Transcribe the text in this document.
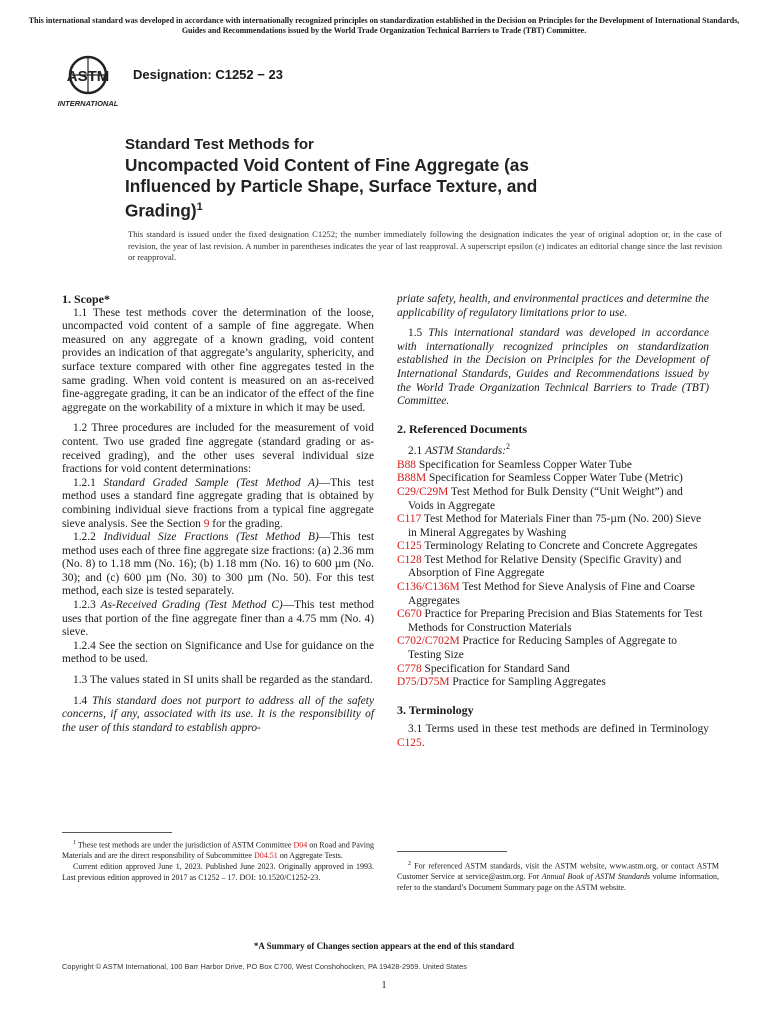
This international standard was developed in accordance with internationally recognized principles on standardization established in the Decision on Principles for the Development of International Standards, Guides and Recommendations issued by the World Trade Organization Technical Barriers to Trade (TBT) Committee.
ASTM
INTERNATIONAL
Designation: C1252 − 23
Standard Test Methods for
Uncompacted Void Content of Fine Aggregate (as
Influenced by Particle Shape, Surface Texture, and
Grading)$^1$
This standard is issued under the fixed designation C1252; the number immediately following the designation indicates the year of original adoption or, in the case of revision, the year of last revision. A number in parentheses indicates the year of last reapproval. A superscript epsilon (ε) indicates an editorial change since the last revision or reapproval.

1. Scope*

1.1 These test methods cover the determination of the loose, uncompacted void content of a sample of fine aggregate. When measured on any aggregate of a known grading, void content provides an indication of that aggregate’s angularity, sphericity, and surface texture compared with other fine aggregates tested in the same grading. When void content is measured on an as-received fine-aggregate grading, it can be an indicator of the effect of the fine aggregate on the workability of a mixture in which it may be used.

1.2 Three procedures are included for the measurement of void content. Two use graded fine aggregate (standard grading or as-received grading), and the other uses several individual size fractions for void content determinations:

1.2.1 Standard Graded Sample (Test Method A)—This test method uses a standard fine aggregate grading that is obtained by combining individual sieve fractions from a typical fine aggregate sieve analysis. See the Section 9 for the grading.

1.2.2 Individual Size Fractions (Test Method B)—This test method uses each of three fine aggregate size fractions: (a) 2.36 mm (No. 8) to 1.18 mm (No. 16); (b) 1.18 mm (No. 16) to 600 µm (No. 30); and (c) 600 µm (No. 30) to 300 µm (No. 50). For this test method, each size is tested separately.

1.2.3 As-Received Grading (Test Method C)—This test method uses that portion of the fine aggregate finer than a 4.75 mm (No. 4) sieve.

1.2.4 See the section on Significance and Use for guidance on the method to be used.

1.3 The values stated in SI units shall be regarded as the standard.

1.4 This standard does not purport to address all of the safety concerns, if any, associated with its use. It is the responsibility of the user of this standard to establish appro-

priate safety, health, and environmental practices and determine the applicability of regulatory limitations prior to use.

1.5 This international standard was developed in accordance with internationally recognized principles on standardization established in the Decision on Principles for the Development of International Standards, Guides and Recommendations issued by the World Trade Organization Technical Barriers to Trade (TBT) Committee.

2. Referenced Documents

2.1 ASTM Standards:$^2$

B88 Specification for Seamless Copper Water Tube

B88M Specification for Seamless Copper Water Tube (Metric)

C29/C29M Test Method for Bulk Density (“Unit Weight”) and Voids in Aggregate

C117 Test Method for Materials Finer than 75-µm (No. 200) Sieve in Mineral Aggregates by Washing

C125 Terminology Relating to Concrete and Concrete Aggregates

C128 Test Method for Relative Density (Specific Gravity) and Absorption of Fine Aggregate

C136/C136M Test Method for Sieve Analysis of Fine and Coarse Aggregates

C670 Practice for Preparing Precision and Bias Statements for Test Methods for Construction Materials

C702/C702M Practice for Reducing Samples of Aggregate to Testing Size

C778 Specification for Standard Sand

D75/D75M Practice for Sampling Aggregates

3. Terminology

3.1 Terms used in these test methods are defined in Terminology C125.

$^1$ These test methods are under the jurisdiction of ASTM Committee D04 on Road and Paving Materials and are the direct responsibility of Subcommittee D04.51 on Aggregate Tests.

Current edition approved June 1, 2023. Published June 2023. Originally approved in 1993. Last previous edition approved in 2017 as C1252 – 17. DOI: 10.1520/C1252-23.

$^2$ For referenced ASTM standards, visit the ASTM website, www.astm.org, or contact ASTM Customer Service at service@astm.org. For Annual Book of ASTM Standards volume information, refer to the standard’s Document Summary page on the ASTM website.

*A Summary of Changes section appears at the end of this standard
Copyright © ASTM International, 100 Barr Harbor Drive, PO Box C700, West Conshohocken, PA 19428-2959. United States
1
